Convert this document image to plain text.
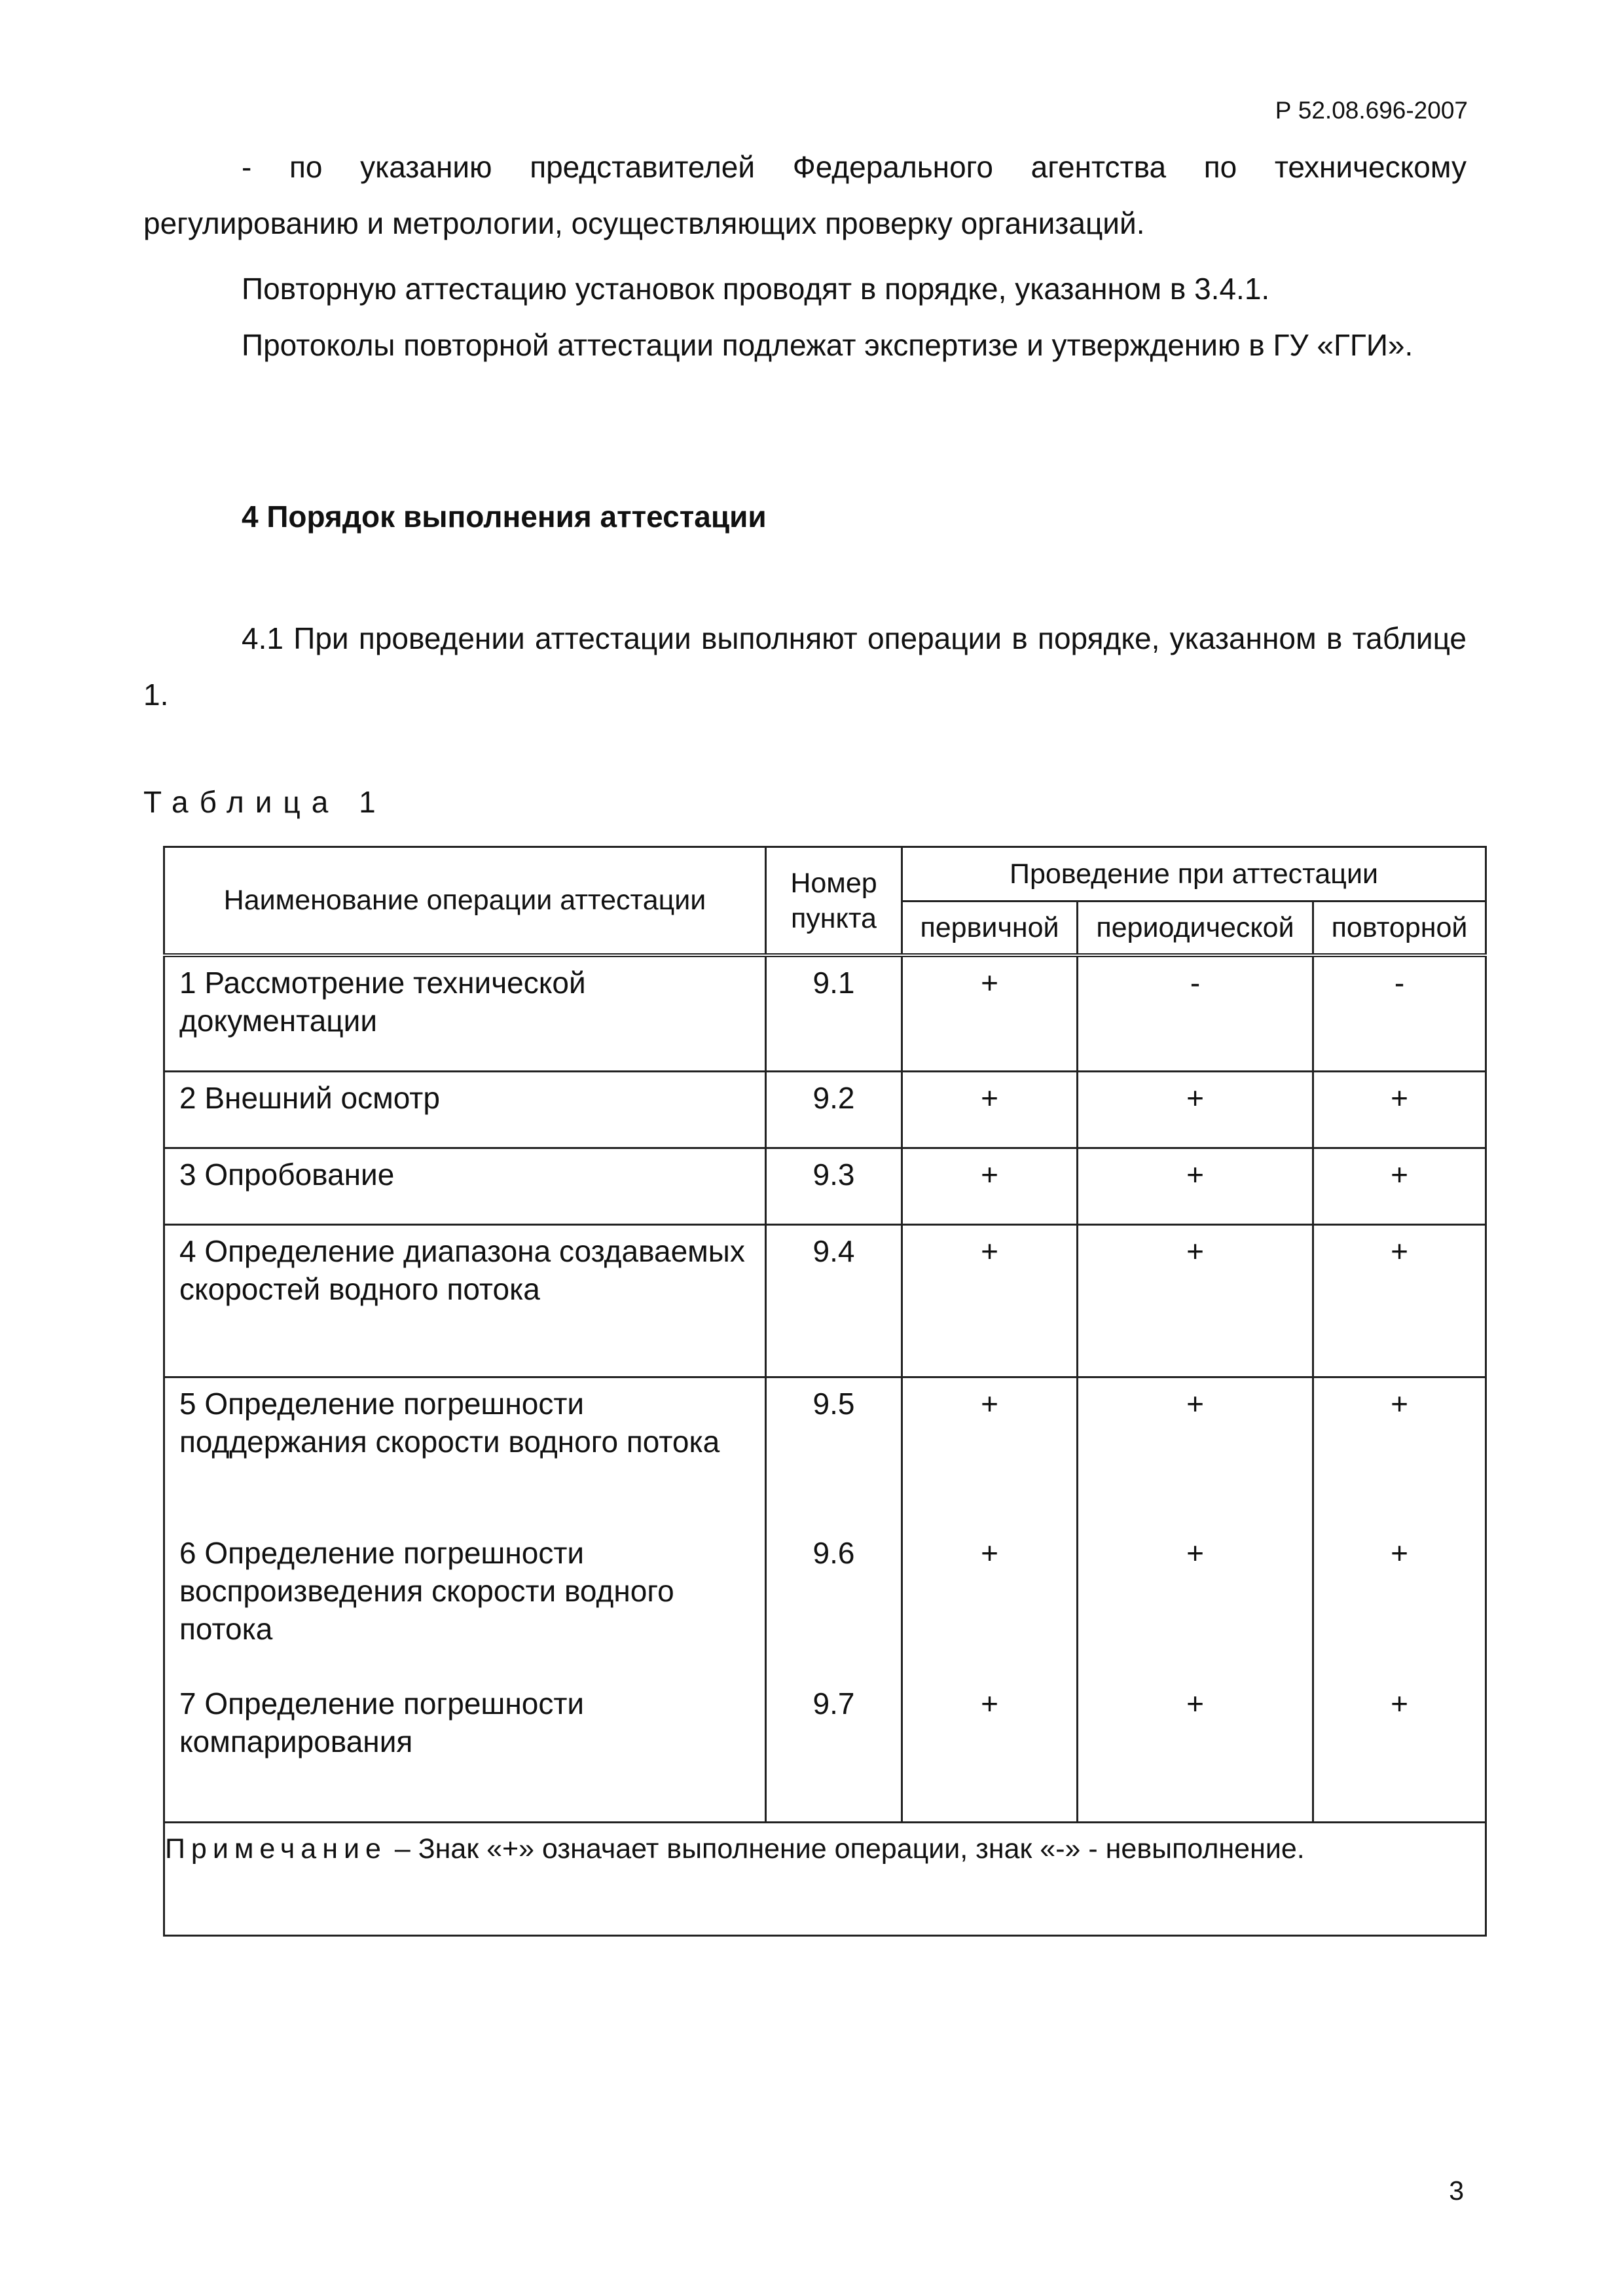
Р 52.08.696-2007
- по указанию представителей Федерального агентства по техническому регулированию и метрологии, осуществляющих проверку организаций.
Повторную аттестацию установок проводят в порядке, указанном в 3.4.1.
Протоколы повторной аттестации подлежат экспертизе и утверждению в ГУ «ГГИ».
4 Порядок выполнения аттестации
4.1 При проведении аттестации выполняют операции в порядке, указанном в таблице 1.
Таблица 1
Наименование операции аттестации	Номер пункта	Проведение при аттестации		
		первичной	периодической	повторной
1 Рассмотрение технической документации	9.1	+	-	-
2 Внешний осмотр	9.2	+	+	+
3 Опробование	9.3	+	+	+
4 Определение диапазона создаваемых скоростей водного потока	9.4	+	+	+
5 Определение погрешности поддержания скорости водного потока	9.5	+	+	+
6 Определение погрешности воспроизведения скорости водного потока	9.6	+	+	+
7 Определение погрешности компарирования	9.7	+	+	+
Примечание – Знак «+» означает выполнение операции, знак «-» - невыполнение.				
3
